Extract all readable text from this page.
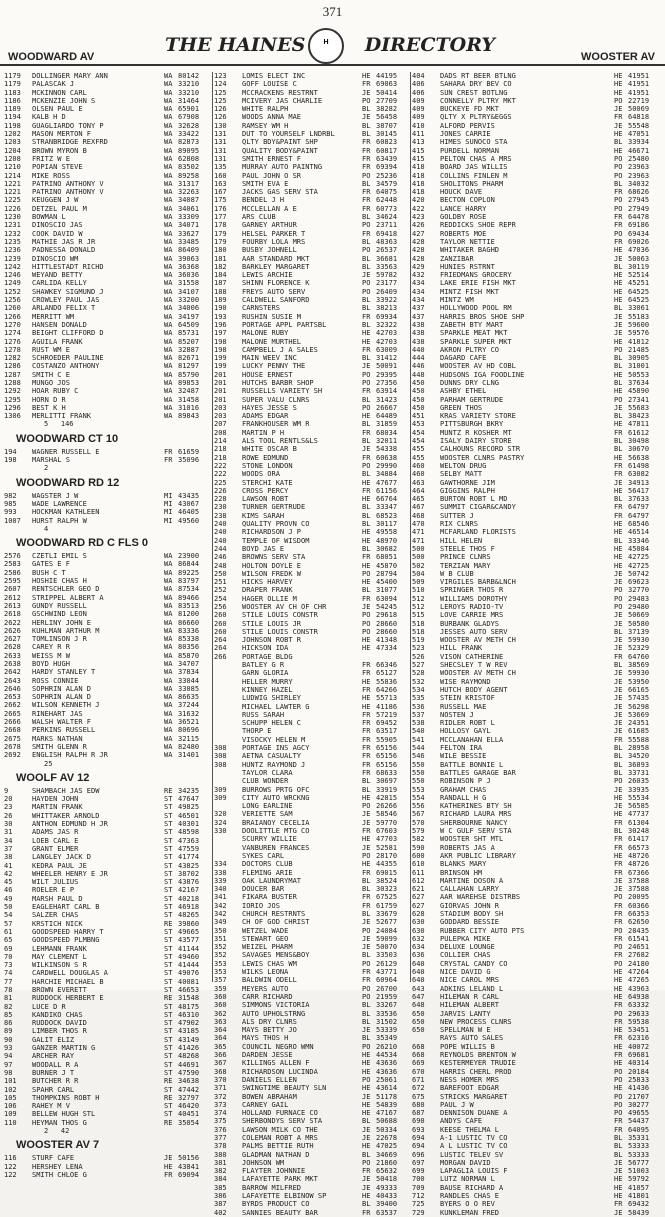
371
WOODWARD AV
THE HAINES	H	DIRECTORY
WOOSTER AV
1179	DOLLINGER MARY ANN	WA 80142
1179	PALASCAK J	WA 33210
1183	MCKINNON CARL	WA 33210
1186	MCKENZIE JOHN S	WA 31464
1189	OLSEN PAUL E	WA 65901
1194	KALB H D	WA 67908
1198	GUAGLIARDO TONY P	WA 32628
1202	MASON MERTON F	WA 33422
1203	STRANBRIDGE REXFRD	WA 82873
1204	BROWN MYRON B	WA 89095
1208	FRITZ W E	WA 62808
1210	POPIAN STEVE	WA 83502
1214	MIKE ROSS	WA 89258
1221	PATRINO ANTHONY V	WA 31317
1221	PATRINO ANTHONY V	WA 32263
1225	KEUGGEN J W	WA 34087
1226	DETZEL PAUL M	WA 34061
1230	BOWMAN L	WA 33309
1231	DINOSCIO JAS	WA 34071
1232	COOK DAVID W	WA 33627
1235	MATHIE JAS R JR	WA 33485
1236	PADNESSA DONALD	WA 86409
1239	DINOSCIO WM	WA 39063
1242	HITTLESTADT RICHD	WA 36368
1246	WEYAND BETTY	WA 36036
1249	CARLIDA KELLY	WA 31558
1252	SHAWKEY SIGMUND J	WA 34107
1256	CROWLEY PAUL JAS	WA 33200
1260	ARLANDO FELIX T	WA 34006
1266	MERRITT WM	WA 34197
1270	HANSEN DONALD	WA 64509
1274	BEIGHT CLIFFORD D	WA 85731
1276	AGUILA FRANK	WA 85207
1278	RUST WM E	WA 32887
1282	SCHROEDER PAULINE	WA 82671
1286	COSTANZO ANTHONY	WA 81297
1287	SMITH C E	WA 85790
1288	MUNGO JOS	WA 89853
1292	HOAR RUBY C	WA 32487
1295	HORN D R	WA 31458
1296	BEST K H	WA 31016
1306	MERLITTI FRANK	WA 89843
5   146
WOODWARD CT 10
194	WAGNER RUSSELL E	FR 61659
198	MARSHAL S	FR 35096
2
WOODWARD RD 12
982	WAGSTER J W	MI 43435
985	WADE LAWRENCE	MI 43067
993	HOCKMAN KATHLEEN	MI 46405
1007	HURST RALPH W	MI 49560
4
WOODWARD RD C FLS 0
2576	CZETLI EMIL S	WA 23900
2583	GATES E F	WA 86844
2586	BUSH C T	WA 89225
2595	HOSHIE CHAS H	WA 83797
2607	RENTSCHLER GEO D	WA 87534
2612	STRIPPEL ALBERT A	WA 89466
2613	GUNDY RUSSELL	WA 83513
2618	GSCHWIND LEON	WA 81200
2622	HERLINY JOHN E	WA 86660
2626	KUHLMAN ARTHUR M	WA 83336
2627	TOMLINSON J R	WA 85338
2628	CAREY R R	WA 80356
2633	WEISS M W	WA 85870
2638	BOYD HUGH	WA 34707
2642	HARDY STANLEY T	WA 37834
2643	ROSS CONNIE	WA 33044
2646	SOPHRIN ALAN D	WA 33085
2653	SOPHRIN ALAN D	WA 86635
2662	WILSON KENNETH J	WA 37244
2665	RINEHART JAS	WA 31632
2666	WALSH WALTER F	WA 36521
2668	PERKINS RUSSELL	WA 80696
2675	MARKS NATHAN	WA 32115
2678	SMITH GLENN R	WA 82480
2692	ENGLISH RALPH R JR	WA 31401
25
WOOLF AV 12
9	SHAMBACH JAS EDW	RE 34235
20	HAYDEN JOHN	ST 47647
23	MARTIN FRANK	ST 49825
26	WHITTAKER ARNOLD	ST 46501
30	ANTHON EDMUND H JR	ST 40301
31	ADAMS JAS R	ST 48598
34	LOEB CARL E	ST 47363
37	GRANT ELMER	ST 47559
38	LANGLEY JACK D	ST 41774
41	KEDRA PAUL JE	ST 43825
42	WHEELER HENRY E JR	ST 38702
45	WILT JULIUS	ST 43876
46	ROELER E P	ST 42167
49	MARSH PAUL D	ST 40218
50	EAGLEHART CARL B	ST 46918
54	SALZER CHAS	ST 48265
57	KRSTICH NICK	RE 39860
61	GOODSPEED HARRY T	ST 49665
65	GOODSPEED PLMBNG	ST 43577
69	LEHMANN FRANK	ST 41144
70	MAY CLEMENT L	ST 49460
73	WILKINSON S R	ST 41444
74	CARDWELL DOUGLAS A	ST 49076
77	HARCHIE MICHAEL B	ST 40081
78	BROWN EVERETT	ST 46653
81	RUDDOCK HERBERT E	RE 31548
82	LUCE D R	ST 48175
85	KANDIKO CHAS	ST 46310
86	RUDDOCK DAVID	ST 47902
89	LIMBER THOS R	ST 43185
90	GALIT ELIZ	ST 43149
93	GANZER MARTIN G	ST 41426
94	ARCHER RAY	ST 48268
97	WOODALL R A	ST 44691
98	BURNER J T	ST 47590
101	BUTCHER R R	RE 34638
102	SPAHR CARL	ST 47442
105	THOMPKINS ROBT H	RE 32797
106	RAHEY M V	ST 46420
109	BELLEW HUGH STL	ST 40451
110	HEYMAN THOS G	RE 35054
2   42
WOOSTER AV 7
116	STURF CAFE	JE 50156
122	HERSHEY LENA	HE 43841
122	SMITH CHLOE G	FR 69094
123	LOMIS ELECT INC	HE 44195
124	GOFF LOUISE C	FR 69063
125	MCCRACKENS RESTRNT	JE 50414
125	MCIVERY JAS CHARLIE	PO 27709
126	WHITE RALPH	BL 38282
126	WOODS ANNA MAE	JE 56458
130	RAMSEY WM H	BL 38707
131	DUT TO YOURSELF LNDRBL	BL 30145
131	QLTY BDY&PAINT SHP	FR 60823
131	QUALITY BODY&PAINT	FR 60817
131	SMITH ERNEST F	FR 63439
135	MURRAY AUTO PAINTNG	FR 69394
160	PAUL JOHN O SR	PO 25236
163	SMITH EVA E	BL 34579
167	JACKS GAS SERV STA	FR 64075
175	BENDEL J H	FR 62448
176	MCCLELLAN A E	FR 60773
177	ARS CLUB	BL 34624
178	GARNEY ARTHUR	PO 23711
179	HELSEL PARKER T	FR 69418
179	FOURBY LOLA MRS	BL 48363
180	BUSBY JOHNELL	PO 26537
181	AAR STANDARD MKT	BL 36681
182	BARKLEY MARGARET	BL 33563
184	LEWIS ARCHIE	JE 59782
187	SHINN FLORENCE K	PO 23177
188	FREYS AUTO SERV	PO 26409
189	CALDWELL SANFORD	BL 33922
190	CARNSTERS	BL 38213
193	RUSHIN SUSIE M	FR 69934
196	PORTAGE APPL PARTSBL	BL 32322
197	MALONE RUBY	HE 42703
198	MALONE MURTHEL	HE 42703
198	CAMPBELL J A SALES	FR 63009
199	MAIN WEEV INC	BL 31412
199	LUCKY PENNY THE	JE 50091
201	HOUSE ERNEST	PO 29395
201	HUTCHS BARBR SHOP	PO 27356
201	RUSSELLS VARIETY SH	FR 63914
201	SUPER VALU CLNRS	BL 31423
203	HAYES JESSE S	PO 26667
203	ADAMS EDGAR	HE 64489
207	FRANKHOUSER WM R	BL 31859
208	MARTIN P H	FR 68034
214	ALS TOOL RENTLS&LS	BL 32011
218	WHITE OSCAR B	JE 54338
218	ROWE EDMUND	FR 60638
222	STONE LONDON	PO 29990
222	WOODS ORA	BL 34884
225	STERCHI KATE	HE 47677
226	CROSS PERCY	FR 61156
228	LAWSON ROBT	HE 66764
230	TURNER GERTRUDE	BL 33347
238	KIMS SARAH	BL 68523
240	QUALITY PROVN CO	BL 30117
240	RICHARDSON J P	HE 49558
240	TEMPLE OF WISDOM	HE 48970
244	BOYD JAS E	BL 30682
246	BROWNS SERV STA	FR 68051
248	HOLTON DOYLE E	HE 45870
250	WILSON FREDK W	PO 28794
251	HICKS HARVEY	HE 45400
252	DRAPER FRANK	BL 31077
254	HAGER OLLIE M	FR 63094
256	WOOSTER AV CH OF CHR	JE 54245
260	STILE LOUIS CONSTR	PO 29618
260	STILE LOUIS JR	PO 28660
260	STILE LOUIS CONSTR	PO 28660
264	JOHNSON ROBT R	HE 41348
264	HICKSON IDA	HE 47334
266	PORTAGE BLDG
BATLEY G R	FR 66346
GARN GLORIA	FR 65127
HELLER MURRY	HE 55836
KINNEY HAZEL	FR 64266
LUDWIG SHIRLEY	HE 55713
MICHAEL LAWTER G	HE 41186
RUSS SARAH	FR 57219
SCHUPP HELEN C	FR 69452
THORP E	FR 63517
VISOCKY HELEN M	FR 55905
308	PORTAGE INS AGCY	FR 65156
308	AETNA CASUALTY	FR 65156
308	HUNTZ RAYMOND J	FR 65156
TAYLOR CLARA	FR 68633
CLUB WONDER	BL 30697
309	BURROWS PRTG OFC	BL 33919
309	CITY AUTO WRCKNG	HE 42815
LONG EARLINE	PO 26266
320	VERIETTE SAM	JE 58546
324	BRAIANOY CECELIA	JE 59770
330	DOOLITTLE MTG CO	FR 67603
SCURRY WILLIE	HE 47703
VANBUREN FRANCES	JE 52581
SYKES CARL	PO 28170
334	DOCTORS CLUB	HE 44355
338	FLEMING ARIE	FR 69015
339	OAK LAUNDRYMAT	BL 38524
340	DOUCER BAR	BL 30323
341	FIKARA BUSTER	FR 67525
342	IORIO JOS	FR 61759
342	CHURCH RESTRNTS	BL 33679
349	CH OF GOD CHRIST	JE 52677
350	WETZEL WADE	PO 24084
351	STEWART GEO	JE 59099
352	WEIZEL PHARM	JE 50070
352	SAVAGES MENS&BOY	BL 33503
353	LEWIS CHAS WM	PO 26129
353	WILKS LEONA	FR 43771
357	BALDWIN ODELL	FR 60964
359	MEYERS AUTO	PO 26700
360	CARR RICHARD	PO 21959
360	SIMMONS VICTORIA	BL 33267
362	AUTO UPHOLSTRNG	BL 33536
363	ALS DRY CLNRS	BL 31502
364	MAYS BETTY JO	JE 53339
364	MAYS THOS H	BL 35349
365	COUNCIL NEGRO WMN	PO 26210
366	DARDEN JESSE	HE 44534
367	KILLINGS ALLEN F	HE 43636
368	RICHARDSON LUCINDA	HE 43636
370	DANIELS ELLEN	PO 25061
371	SWINGTIME BEAUTY SLN	HE 43614
372	BOWEN ABRAHAM	JE 51178
373	CARNEY GAIL	HE 54839
374	HOLLAND FURNACE CO	HE 47167
375	SHERBONDYS SERV STA	BL 50688
376	LAWSON MILK CO THE	JE 50334
377	COLEMAN ROBT A MRS	JE 22678
378	PALMS BETTIE RUTH	HE 47025
380	GLADMAN NATHAN D	BL 34669
381	JOHNSON WM	PO 21860
382	FLAYTER JOHNNIE	FR 65632
384	LAFAYETTE PARK MKT	JE 50418
385	BARROW MILFRED	JE 49333
386	LAFAYETTE ELBINOW SP	HE 40433
387	BYRDS PRODUCT CO	BL 39400
402	SANNIES BEAUTY BAR	FR 63537
404	DADS RT BEER BTLNG	HE 41951
406	SAHARA DRY BEV CO	HE 41951
406	SUN CREST BOTLNG	HE 41951
409	CONNELLY PLTRY MKT	PO 22719
409	BUCKEYE FD MKT	JE 50069
409	QLTY X PLTRY&EGGS	FR 64818
410	ALFORD PERVIS	JE 55548
411	JONES CARRIE	HE 47051
413	HIMES SUNOCO STA	BL 33934
415	PURDELL NORMAN	HE 46671
415	PELTON CHAS A MRS	PO 25480
418	BOARD JAS WILLIS	PO 23963
418	COLLINS FINLEN M	PO 23963
418	SHOLITONS PHARM	BL 34032
418	HOUCK DAVE	FR 68626
420	BECTON COPLON	PO 27945
422	LANCE HARRY	PO 27949
423	GOLDBY ROSE	FR 64478
426	REDDICKS SHOE REPR	FR 69186
427	ROBERTS MOE	PO 69434
428	TAYLOR NETTIE	FR 69026
428	WHITAKER BAGHD	HE 47036
428	ZANZIBAR	JE 50063
429	HUNIES RSTRNT	BL 30119
432	FRIEDMANS GROCERY	HE 52514
434	LAKE ERIE FISH MKT	HE 45251
434	MINTZ FISH MKT	HE 64525
434	MINTZ WM	HE 64525
437	HOLLYWOOD POOL RM	BL 33061
437	HARRIS BROS SHOE SHP	JE 55183
438	ZABETH BTY MART	JE 59600
438	SPARKLE MEAT MKT	JE 59576
438	SPARKLE SUPER MKT	HE 41812
440	AKRON PLTRY CO	PO 21485
444	DAGARD CAFE	BL 30905
446	WOOSTER AV HD COBL	BL 31001
448	HUDSONS IGA FOODLINE	HE 50553
450	DUNNS DRY CLNG	BL 37634
450	ASHBY ETHEL	HE 45890
450	PARHAM GERTRUDE	PO 27341
450	GREEN THOS	JE 55683
451	KRAS VARIETY STORE	BL 38423
453	PITTSBURGH BKRY	HE 47811
454	MUNTZ R KOSHER MT	FR 61612
454	ISALY DAIRY STORE	BL 30498
455	CALHOUNS RECORD STR	BL 30670
455	WOOSTER CLNRS PASTRY	HE 56638
460	WELTON DRUG	FR 61498
460	SELBY MATT	FR 63082
463	GAWTHORNE JIM	JE 34913
464	GIGGINS RALPH	HE 56417
465	BURTON ROBT L MD	BL 37633
467	SUMMIT CIGAR&CANDY	FR 64797
468	SUTTER J	FR 64797
470	RIX CLNRS	HE 68546
471	MCFARLAND FLORISTS	HE 46514
471	HILL HELEN	BL 33346
500	STEELE THOS F	HE 45084
500	PRINCE CLNRS	HE 42725
502	TERZIAN MARY	HE 42725
504	W B CLUB	JE 50742
509	VIRGILES BARB&LNCH	JE 69623
510	SPRINGER THOS R	PO 32770
512	WILLIAMS DOROTHY	PO 29483
512	LEROYS RADIO-TV	PO 29480
515	LOVE CARRIE MRS	JE 50669
518	BURBANK GLADYS	JE 50580
518	JESSES AUTO SERV	BL 37139
519	WOOSTER AV METH CH	JE 59930
523	HILL FRANK	JE 52329
526	VISON CATHERINE	FR 64760
527	SHECSLEY T W REV	BL 38569
528	WOOSTER AV METH CH	JE 59930
532	WISE RAYMOND	JE 53950
534	HUTCH BODY AGENT	JE 66165
535	STEIN KRISTOF	JE 57435
536	RUSSELL MAE	JE 56298
537	NOSTEN J	JE 53669
538	RIDLER ROBT L	JE 24351
540	HOLLOSY GAYL	JE 61685
541	MCCLANAHAN ELLA	FR 55588
544	FELTON IRA	BL 28958
546	WILE BESSIE	BL 34520
550	BATTLE BONNIE L	BL 36893
550	BATTLES GARAGE BAR	BL 33731
550	ROBINSON P J	PO 26035
553	GRAHAM CHAS	JE 33935
554	RANDALL H G	HE 55534
556	KATHERINES BTY SH	JE 56585
567	RICHARD LAURA MRS	HE 47737
570	SHERBOURNE NANCY	FR 61304
579	W C GULF SERV STA	BL 30248
582	WOOSTER SHT MTL	FR 61417
590	ROBERTS JAS A	FR 66573
600	AKR PUBLIC LIBRARY	HE 48726
610	BLANKS MARY	FR 48726
611	BRINSON HM	FR 67366
612	MARTINE DOSON A	JE 37588
621	CALLAHAN LARRY	JE 37588
627	AAR WAREHSE DISTRBS	PO 20095
627	GIORVAS JOHN R	FR 60366
628	STADIUM BODY SH	FR 66353
630	GODDARD BESSIE	FR 62650
630	RUBBER CITY AUTO PTS	PO 28435
632	PULEPKA MIKE	FR 61541
634	DELUXE LOUNGE	PO 24651
636	COLLIER CHAS	FR 27682
640	CRYSTAL CANDY CO	PO 24180
640	NICE DAVID G	HE 47264
640	NICE CAROL MRS	HE 47265
643	ADKINS LELAND L	HE 43963
647	HILEMAN R CARL	HE 64938
648	HILEMAN ALBERT	FR 63332
650	JARVIS LANTY	PO 29633
650	NEW PROCESS CLNRS	FR 59538
650	SPELLMAN W E	HE 53451
RAYS AUTO SALES	FR 62316
668	POPE WILLIS B	HE 40072
668	REYNOLDS BRENTON W	FR 69681
669	KESTERMEYER TRUDIE	HE 40314
670	HARRIS CHERL PROD	PO 20184
671	NESS HOMER MRS	PO 25833
672	BAREFOOT EDGAR	HE 41436
675	STRICKS MARGARET	PO 21707
680	PAUL J W	PO 30277
687	DENNISON DUANE A	PO 49655
690	ANDYS CAFE	FR 54437
693	KEESE THELMA L	FR 64095
694	A-1 LUSTIC TV CO	BL 35331
694	A L LUSTIC TV CO	BL 53333
696	LUSTIC TELEV SV	BL 53333
697	MORGAN DAVID	JE 56777
699	LAPAGLIA LOUIS F	JE 51003
700	LUTZ NORMAN L	HE 59792
709	BAUSE RICHARD A	HE 41057
712	RANDLES CHAS E	HE 41801
725	BYERS O O REV	FR 69432
729	KUNKLEMAN FRED	JE 58439
